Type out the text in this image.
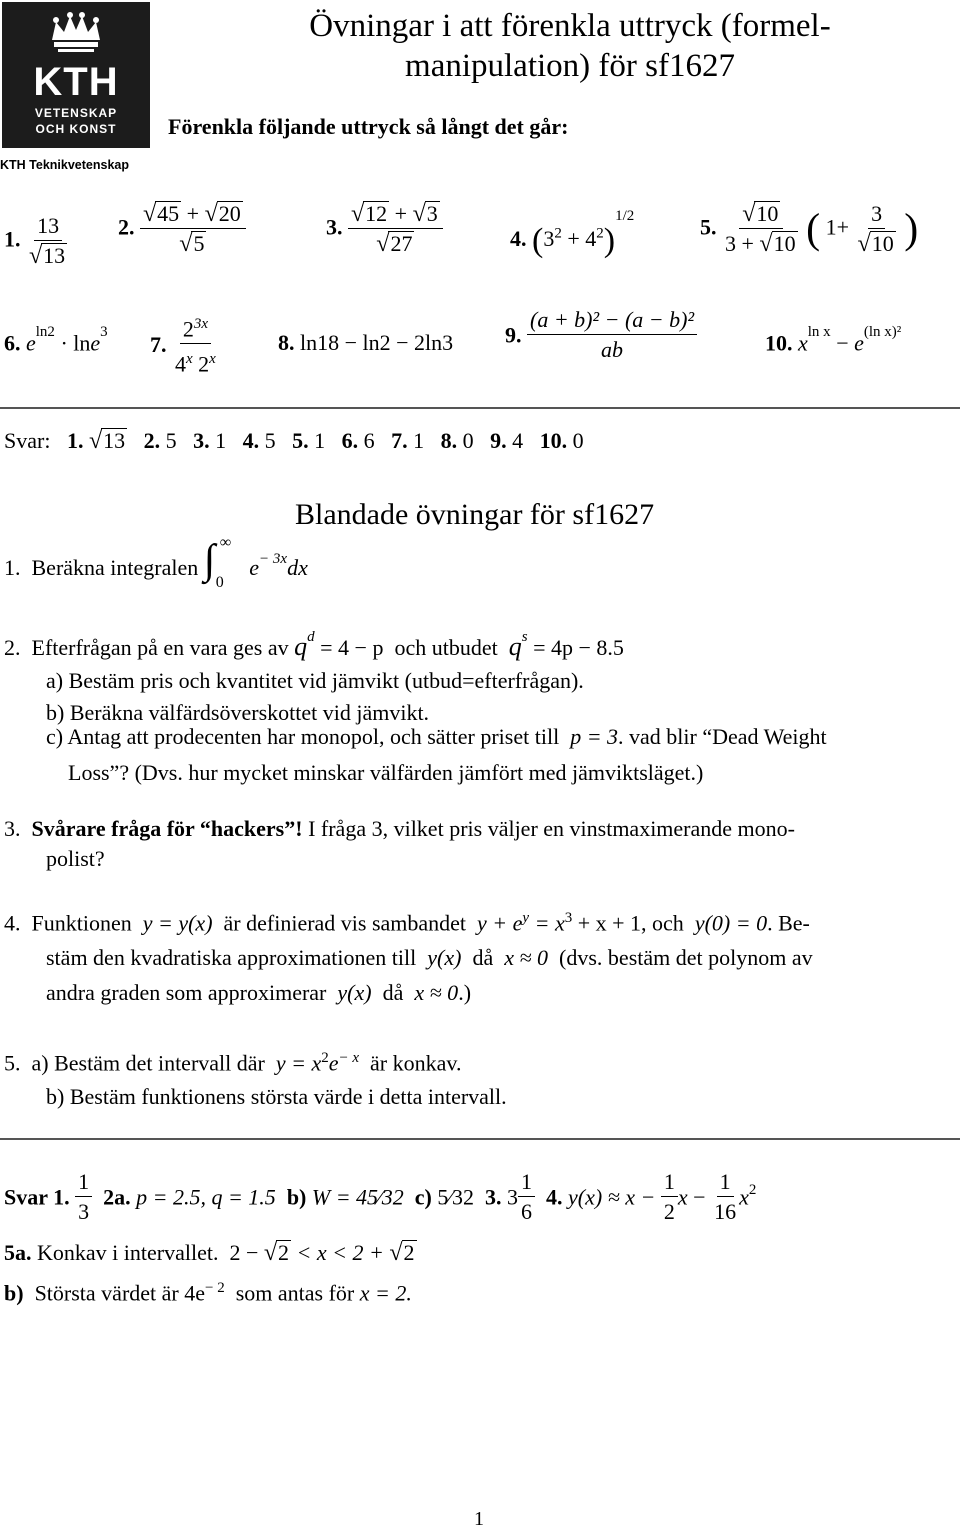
KTH
VETENSKAP
OCH KONST
KTH Teknikvetenskap
Övningar i att förenkla uttryck (formel-
manipulation) för sf1627
Förenkla följande uttryck så långt det går:
1. $\frac{13}{√13} 2$. $\frac{√45 + √20}{√5}$	3. $\frac{√12 + √3}{√27}$	4. $(3^2 + 4^2)^{1/2}$	5. $\frac{√10}{3 + √10}$ ( $1+ \frac{3}{√10}$ )
6. $e^{ln2} \cdot \ln e^3$ 7. $\frac{2^{3x}}{4^x 2^x}$	8. ln18 − ln2 − 2ln3 9. $\frac{\text{(a + b)² − (a − b)²}}{ab}$	10. $x^{ln x} - e^{(ln x)^2}$
Svar: 1. √13 2. 5 3. 1 4. 5 5. 1 6. 6 7. 1 8. 0 9. 4 10. 0
Blandade övningar för sf1627
1. Beräkna integralen ∫ ∞
0
$e^{- 3x}dx$
2. Efterfrågan på en vara ges av $q^d = 4 - p$ och utbudet $q^s = 4p - 8.5$
a) Bestäm pris och kvantitet vid jämvikt (utbud=efterfrågan).
b) Beräkna välfärdsöverskottet vid jämvikt.
c) Antag att prodecenten har monopol, och sätter priset till p = 3. vad blir “Dead Weight
Loss”? (Dvs. hur mycket minskar välfärden jämfört med jämviktsläget.)
3. Svårare fråga för “hackers”! I fråga 3, vilket pris väljer en vinstmaximerande mono-
polist?
4. Funktionen y = y(x) är definierad vis sambandet $y + e^y = x^3 + x + 1$, och y(0) = 0. Be-
stäm den kvadratiska approximationen till y(x) då x ≈ 0 (dvs. bestäm det polynom av
andra graden som approximerar y(x) då x ≈ 0.)
5. a) Bestäm det intervall där $y = x^2e^{- x}$ är konkav.
b) Bestäm funktionens största värde i detta intervall.
Svar 1. $\frac{1}{3} 2a$. p = 2.5, q = 1.5 b) W = 45∕32 c) 5∕32 3. $3 \frac{1}{6} 4$. $y(x) \approx x - \frac{1}{2}$ $x - \frac{1}{16} x^2$
5a. Konkav i intervallet. 2 − √2 < x < 2 + √2
b) Största värdet är $4e^{- 2}$ som antas för x = 2.
1
